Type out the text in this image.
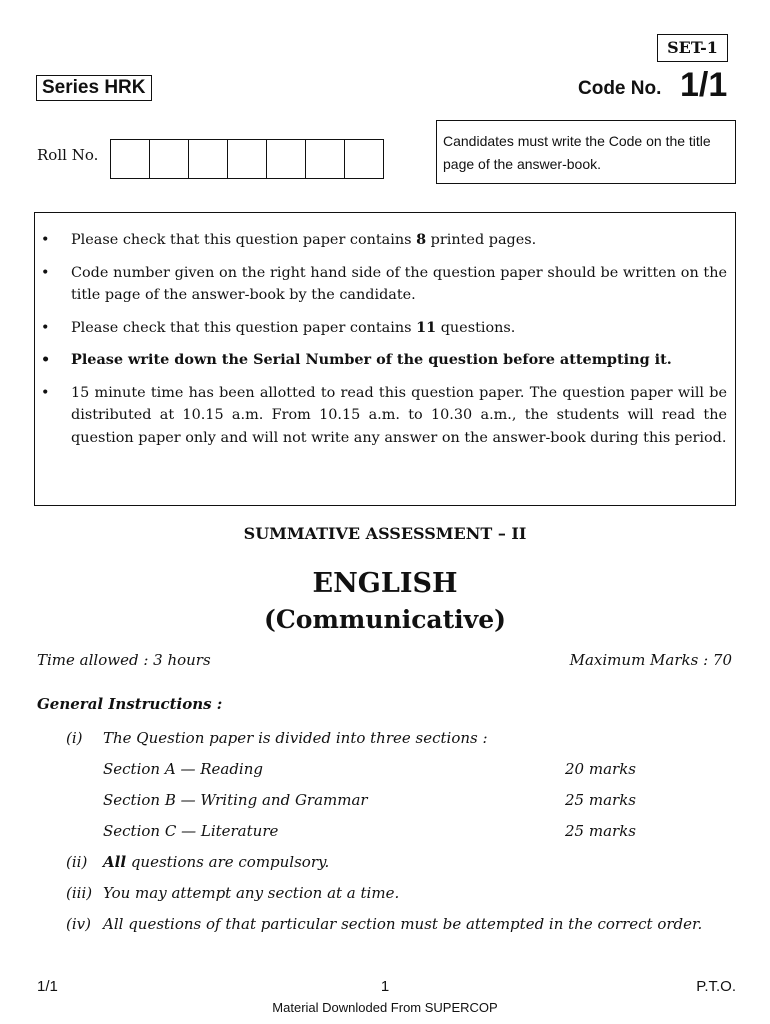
SET-1
Series HRK	Code No. 1/1
Roll No.
Candidates must write the Code on the title page of the answer-book.
• Please check that this question paper contains 8 printed pages.
• Code number given on the right hand side of the question paper should be written on the title page of the answer-book by the candidate.
• Please check that this question paper contains 11 questions.
• Please write down the Serial Number of the question before attempting it.
• 15 minute time has been allotted to read this question paper. The question paper will be distributed at 10.15 a.m. From 10.15 a.m. to 10.30 a.m., the students will read the question paper only and will not write any answer on the answer-book during this period.
SUMMATIVE ASSESSMENT – II
ENGLISH
(Communicative)
Time allowed : 3 hours	Maximum Marks : 70
General Instructions :
(i) The Question paper is divided into three sections :
Section A — Reading	20 marks
Section B — Writing and Grammar	25 marks
Section C — Literature	25 marks
(ii) All questions are compulsory.
(iii) You may attempt any section at a time.
(iv) All questions of that particular section must be attempted in the correct order.
1/1	1	P.T.O.
Material Downloded From SUPERCOP
